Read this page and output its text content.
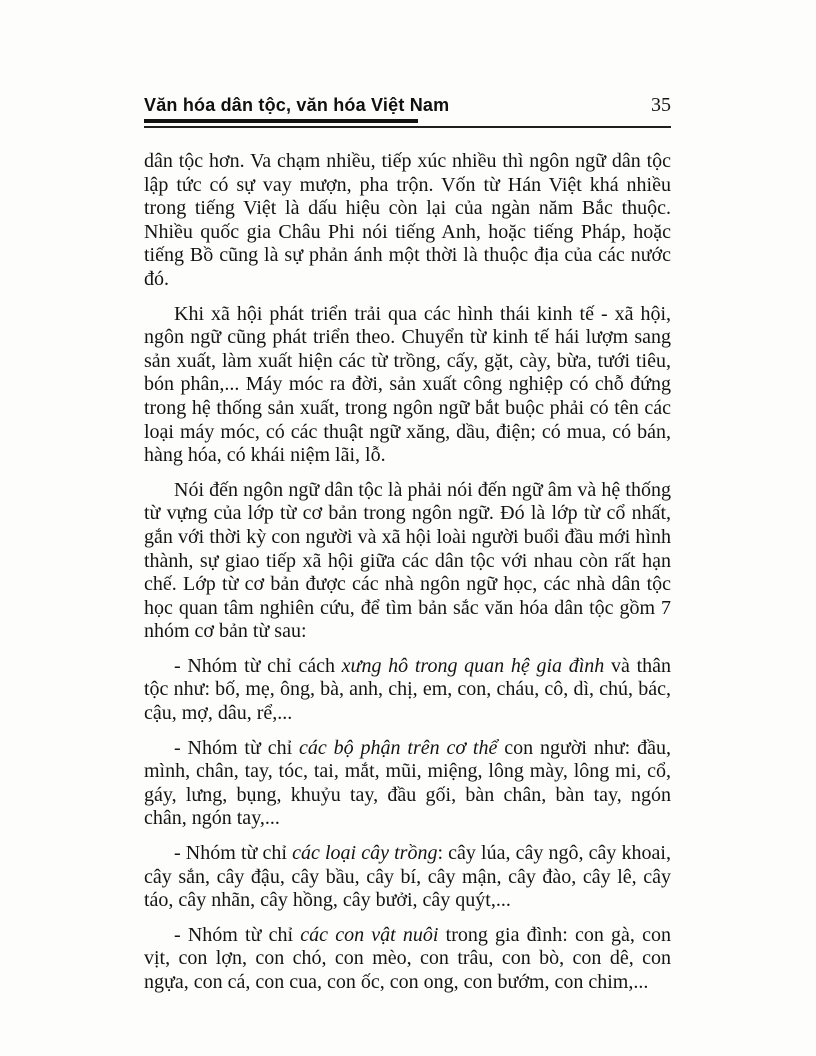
Văn hóa dân tộc, văn hóa Việt Nam	35

dân tộc hơn. Va chạm nhiều, tiếp xúc nhiều thì ngôn ngữ dân tộc lập tức có sự vay mượn, pha trộn. Vốn từ Hán Việt khá nhiều trong tiếng Việt là dấu hiệu còn lại của ngàn năm Bắc thuộc. Nhiều quốc gia Châu Phi nói tiếng Anh, hoặc tiếng Pháp, hoặc tiếng Bồ cũng là sự phản ánh một thời là thuộc địa của các nước đó.

Khi xã hội phát triển trải qua các hình thái kinh tế - xã hội, ngôn ngữ cũng phát triển theo. Chuyển từ kinh tế hái lượm sang sản xuất, làm xuất hiện các từ trồng, cấy, gặt, cày, bừa, tưới tiêu, bón phân,... Máy móc ra đời, sản xuất công nghiệp có chỗ đứng trong hệ thống sản xuất, trong ngôn ngữ bắt buộc phải có tên các loại máy móc, có các thuật ngữ xăng, dầu, điện; có mua, có bán, hàng hóa, có khái niệm lãi, lỗ.

Nói đến ngôn ngữ dân tộc là phải nói đến ngữ âm và hệ thống từ vựng của lớp từ cơ bản trong ngôn ngữ. Đó là lớp từ cổ nhất, gắn với thời kỳ con người và xã hội loài người buổi đầu mới hình thành, sự giao tiếp xã hội giữa các dân tộc với nhau còn rất hạn chế. Lớp từ cơ bản được các nhà ngôn ngữ học, các nhà dân tộc học quan tâm nghiên cứu, để tìm bản sắc văn hóa dân tộc gồm 7 nhóm cơ bản từ sau:

- Nhóm từ chỉ cách xưng hô trong quan hệ gia đình và thân tộc như: bố, mẹ, ông, bà, anh, chị, em, con, cháu, cô, dì, chú, bác, cậu, mợ, dâu, rể,...

- Nhóm từ chỉ các bộ phận trên cơ thể con người như: đầu, mình, chân, tay, tóc, tai, mắt, mũi, miệng, lông mày, lông mi, cổ, gáy, lưng, bụng, khuỷu tay, đầu gối, bàn chân, bàn tay, ngón chân, ngón tay,...

- Nhóm từ chỉ các loại cây trồng: cây lúa, cây ngô, cây khoai, cây sắn, cây đậu, cây bầu, cây bí, cây mận, cây đào, cây lê, cây táo, cây nhãn, cây hồng, cây bưởi, cây quýt,...

- Nhóm từ chỉ các con vật nuôi trong gia đình: con gà, con vịt, con lợn, con chó, con mèo, con trâu, con bò, con dê, con ngựa, con cá, con cua, con ốc, con ong, con bướm, con chim,...
